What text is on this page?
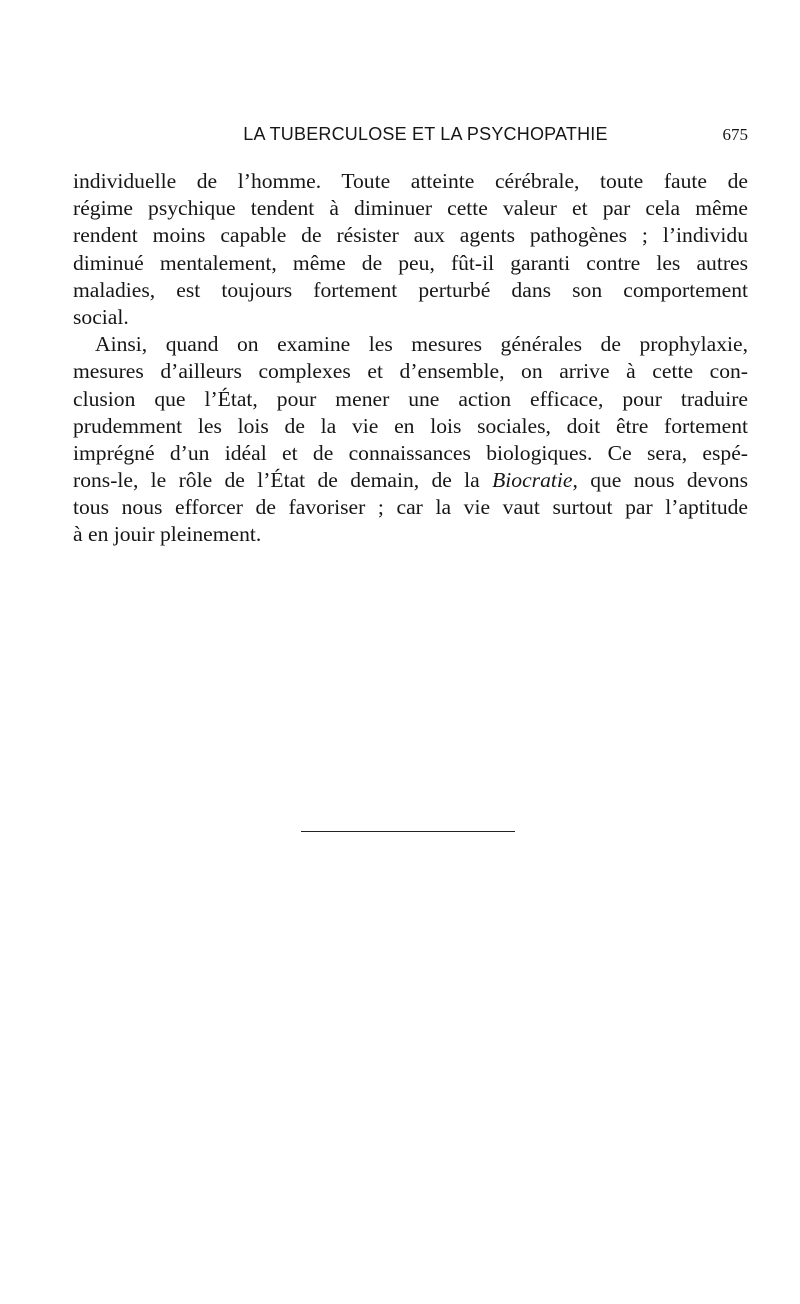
LA TUBERCULOSE ET LA PSYCHOPATHIE	675
individuelle de l’homme. Toute atteinte cérébrale, toute faute de
régime psychique tendent à diminuer cette valeur et par cela même
rendent moins capable de résister aux agents pathogènes ; l’individu
diminué mentalement, même de peu, fût-il garanti contre les autres
maladies, est toujours fortement perturbé dans son comportement
social.
Ainsi, quand on examine les mesures générales de prophylaxie,
mesures d’ailleurs complexes et d’ensemble, on arrive à cette con-
clusion que l’État, pour mener une action efficace, pour traduire
prudemment les lois de la vie en lois sociales, doit être fortement
imprégné d’un idéal et de connaissances biologiques. Ce sera, espé-
rons-le, le rôle de l’État de demain, de la Biocratie, que nous devons
tous nous efforcer de favoriser ; car la vie vaut surtout par l’aptitude
à en jouir pleinement.
